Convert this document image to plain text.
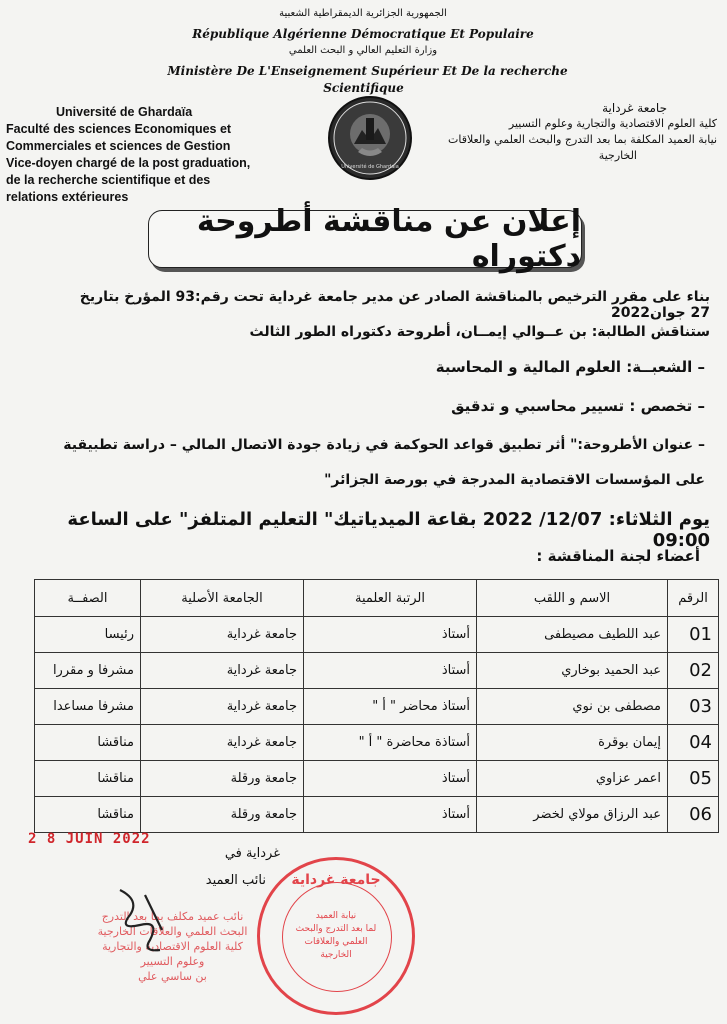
الجمهورية الجزائرية الديمقراطية الشعبية
République Algérienne Démocratique Et Populaire
وزارة التعليم العالي و البحث العلمي
Ministère De L'Enseignement Supérieur Et De la recherche
Scientifique
Université de Ghardaïa
Faculté des sciences Economiques et
Commerciales et sciences de Gestion
Vice-doyen chargé de la post graduation,
de la recherche scientifique et des
relations extérieures
Université de Ghardaïa
جامعة غرداية
كلية العلوم الاقتصادية والتجارية وعلوم التسيير
نيابة العميد المكلفة بما بعد التدرج والبحث العلمي والعلاقات
الخارجية
إعلان عن مناقشة أطروحة دكتوراه
بناء على مقرر الترخيص بالمناقشة الصادر عن مدير جامعة غرداية تحت رقم:93 المؤرخ بتاريخ 27 جوان2022
ستناقش الطالبة: بن عــوالي إيمــان، أطروحة دكتوراه الطور الثالث
– الشعبــة: العلوم المالية و المحاسبة
– تخصص : تسيير محاسبي و تدقيق
– عنوان الأطروحة:" أثر تطبيق قواعد الحوكمة في زيادة جودة الاتصال المالي – دراسة تطبيقية
على المؤسسات الاقتصادية المدرجة في بورصة الجزائر"
يوم الثلاثاء: 12/07/ 2022 بقاعة الميدياتيك" التعليم المتلفز" على الساعة 09:00
أعضاء لجنة المناقشة :
الرقم	الاسم و اللقب	الرتبة العلمية	الجامعة الأصلية	الصفــة
01	عبد اللطيف مصيطفى	أستاذ	جامعة غرداية	رئيسا
02	عبد الحميد بوخاري	أستاذ	جامعة غرداية	مشرفا و مقررا
03	مصطفى بن نوي	أستاذ محاضر " أ "	جامعة غرداية	مشرفا مساعدا
04	إيمان بوقرة	أستاذة محاضرة " أ "	جامعة غرداية	مناقشا
05	اعمر عزاوي	أستاذ	جامعة ورقلة	مناقشا
06	عبد الرزاق مولاي لخضر	أستاذ	جامعة ورقلة	مناقشا
2 8 JUIN 2022
غرداية في
نائب العميد
نائب عميد مكلف بما بعد التدرج
البحث العلمي والعلاقات الخارجية
كلية العلوم الاقتصادية والتجارية
وعلوم التسيير
بن ساسي علي
جامعة غرداية
نيابة العميد
لما بعد التدرج والبحث
العلمي والعلاقات الخارجية
